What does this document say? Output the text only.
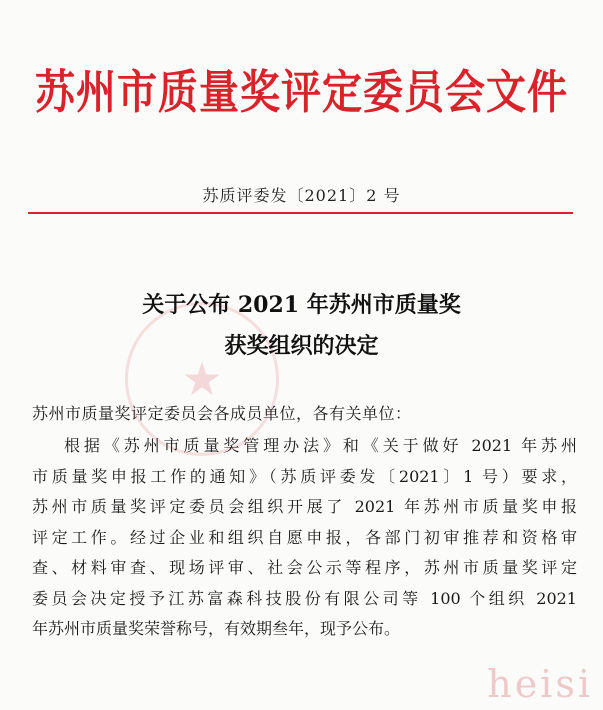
苏州市质量奖评定委员会文件
苏质评委发〔2021〕2 号
★
关于公布 2021 年苏州市质量奖
获奖组织的决定
苏州市质量奖评定委员会各成员单位，各有关单位：
根据《苏州市质量奖管理办法》和《关于做好 2021 年苏州
市质量奖申报工作的通知》（苏质评委发〔2021〕1 号）要求，
苏州市质量奖评定委员会组织开展了 2021 年苏州市质量奖申报
评定工作。经过企业和组织自愿申报，各部门初审推荐和资格审
查、材料审查、现场评审、社会公示等程序，苏州市质量奖评定
委员会决定授予江苏富森科技股份有限公司等 100 个组织 2021
年苏州市质量奖荣誉称号，有效期叁年，现予公布。
heisi
